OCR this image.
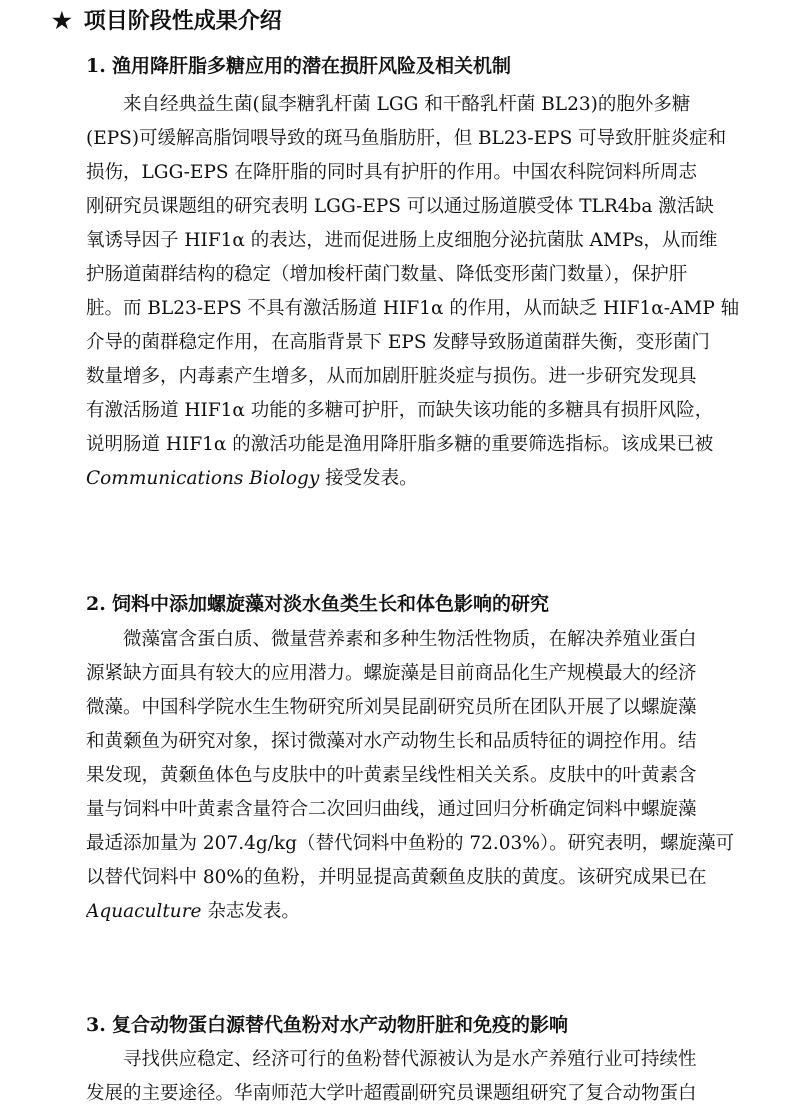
★ 项目阶段性成果介绍
1. 渔用降肝脂多糖应用的潜在损肝风险及相关机制
来自经典益生菌(鼠李糖乳杆菌 LGG 和干酪乳杆菌 BL23)的胞外多糖
(EPS)可缓解高脂饲喂导致的斑马鱼脂肪肝，但 BL23-EPS 可导致肝脏炎症和
损伤，LGG-EPS 在降肝脂的同时具有护肝的作用。中国农科院饲料所周志
刚研究员课题组的研究表明 LGG-EPS 可以通过肠道膜受体 TLR4ba 激活缺
氧诱导因子 HIF1α 的表达，进而促进肠上皮细胞分泌抗菌肽 AMPs，从而维
护肠道菌群结构的稳定（增加梭杆菌门数量、降低变形菌门数量），保护肝
脏。而 BL23-EPS 不具有激活肠道 HIF1α 的作用，从而缺乏 HIF1α-AMP 轴
介导的菌群稳定作用，在高脂背景下 EPS 发酵导致肠道菌群失衡，变形菌门
数量增多，内毒素产生增多，从而加剧肝脏炎症与损伤。进一步研究发现具
有激活肠道 HIF1α 功能的多糖可护肝，而缺失该功能的多糖具有损肝风险，
说明肠道 HIF1α 的激活功能是渔用降肝脂多糖的重要筛选指标。该成果已被
Communications Biology 接受发表。
2. 饲料中添加螺旋藻对淡水鱼类生长和体色影响的研究
微藻富含蛋白质、微量营养素和多种生物活性物质，在解决养殖业蛋白
源紧缺方面具有较大的应用潜力。螺旋藻是目前商品化生产规模最大的经济
微藻。中国科学院水生生物研究所刘昊昆副研究员所在团队开展了以螺旋藻
和黄颡鱼为研究对象，探讨微藻对水产动物生长和品质特征的调控作用。结
果发现，黄颡鱼体色与皮肤中的叶黄素呈线性相关关系。皮肤中的叶黄素含
量与饲料中叶黄素含量符合二次回归曲线，通过回归分析确定饲料中螺旋藻
最适添加量为 207.4g/kg（替代饲料中鱼粉的 72.03%）。研究表明，螺旋藻可
以替代饲料中 80%的鱼粉，并明显提高黄颡鱼皮肤的黄度。该研究成果已在
Aquaculture 杂志发表。
3. 复合动物蛋白源替代鱼粉对水产动物肝脏和免疫的影响
寻找供应稳定、经济可行的鱼粉替代源被认为是水产养殖行业可持续性
发展的主要途径。华南师范大学叶超霞副研究员课题组研究了复合动物蛋白
